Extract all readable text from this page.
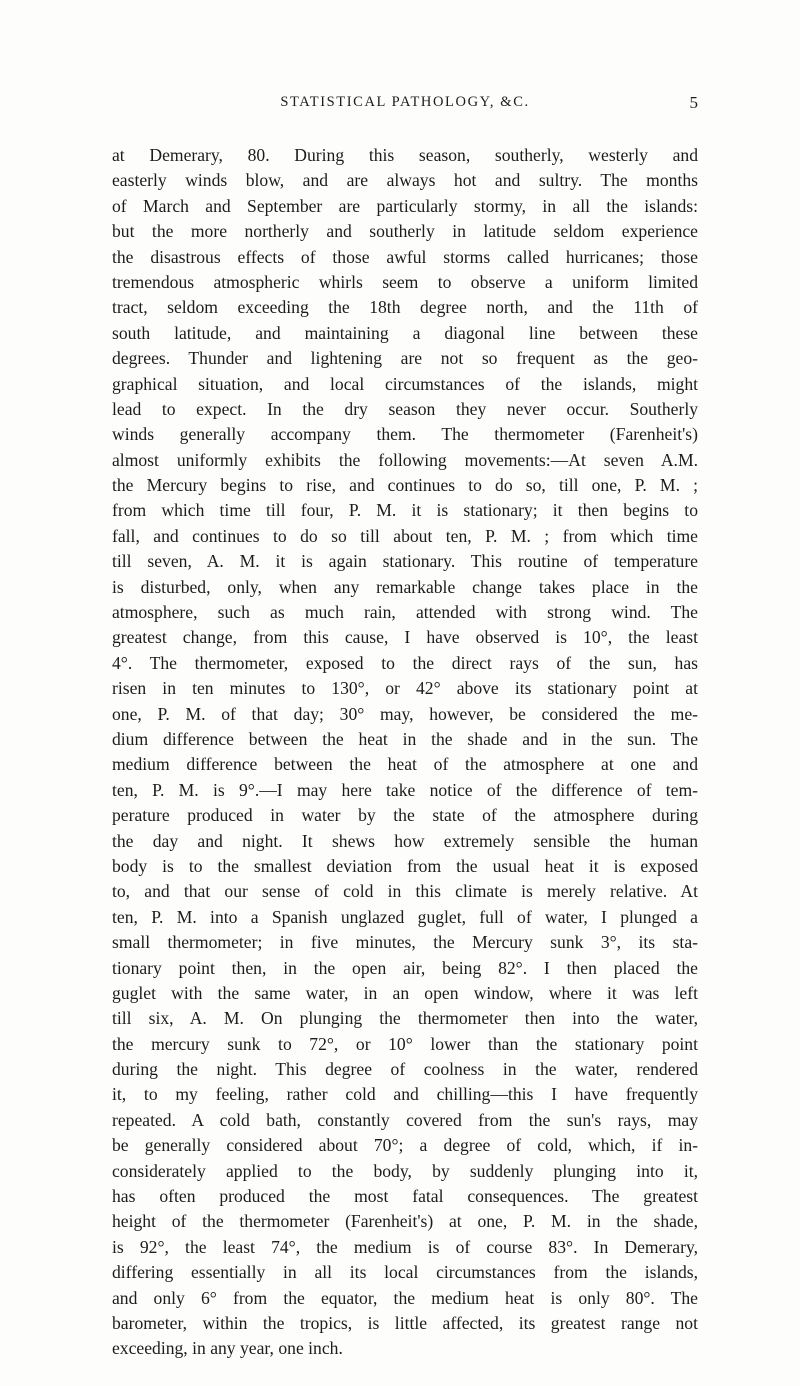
STATISTICAL PATHOLOGY, &C.	5
at Demerary, 80. During this season, southerly, westerly and
easterly winds blow, and are always hot and sultry. The months
of March and September are particularly stormy, in all the islands:
but the more northerly and southerly in latitude seldom experience
the disastrous effects of those awful storms called hurricanes; those
tremendous atmospheric whirls seem to observe a uniform limited
tract, seldom exceeding the 18th degree north, and the 11th of
south latitude, and maintaining a diagonal line between these
degrees. Thunder and lightening are not so frequent as the geo-
graphical situation, and local circumstances of the islands, might
lead to expect. In the dry season they never occur. Southerly
winds generally accompany them. The thermometer (Farenheit's)
almost uniformly exhibits the following movements:—At seven A.M.
the Mercury begins to rise, and continues to do so, till one, P. M. ;
from which time till four, P. M. it is stationary; it then begins to
fall, and continues to do so till about ten, P. M. ; from which time
till seven, A. M. it is again stationary. This routine of temperature
is disturbed, only, when any remarkable change takes place in the
atmosphere, such as much rain, attended with strong wind. The
greatest change, from this cause, I have observed is 10°, the least
4°. The thermometer, exposed to the direct rays of the sun, has
risen in ten minutes to 130°, or 42° above its stationary point at
one, P. M. of that day; 30° may, however, be considered the me-
dium difference between the heat in the shade and in the sun. The
medium difference between the heat of the atmosphere at one and
ten, P. M. is 9°.—I may here take notice of the difference of tem-
perature produced in water by the state of the atmosphere during
the day and night. It shews how extremely sensible the human
body is to the smallest deviation from the usual heat it is exposed
to, and that our sense of cold in this climate is merely relative. At
ten, P. M. into a Spanish unglazed guglet, full of water, I plunged a
small thermometer; in five minutes, the Mercury sunk 3°, its sta-
tionary point then, in the open air, being 82°. I then placed the
guglet with the same water, in an open window, where it was left
till six, A. M. On plunging the thermometer then into the water,
the mercury sunk to 72°, or 10° lower than the stationary point
during the night. This degree of coolness in the water, rendered
it, to my feeling, rather cold and chilling—this I have frequently
repeated. A cold bath, constantly covered from the sun's rays, may
be generally considered about 70°; a degree of cold, which, if in-
considerately applied to the body, by suddenly plunging into it,
has often produced the most fatal consequences. The greatest
height of the thermometer (Farenheit's) at one, P. M. in the shade,
is 92°, the least 74°, the medium is of course 83°. In Demerary,
differing essentially in all its local circumstances from the islands,
and only 6° from the equator, the medium heat is only 80°. The
barometer, within the tropics, is little affected, its greatest range not
exceeding, in any year, one inch.
